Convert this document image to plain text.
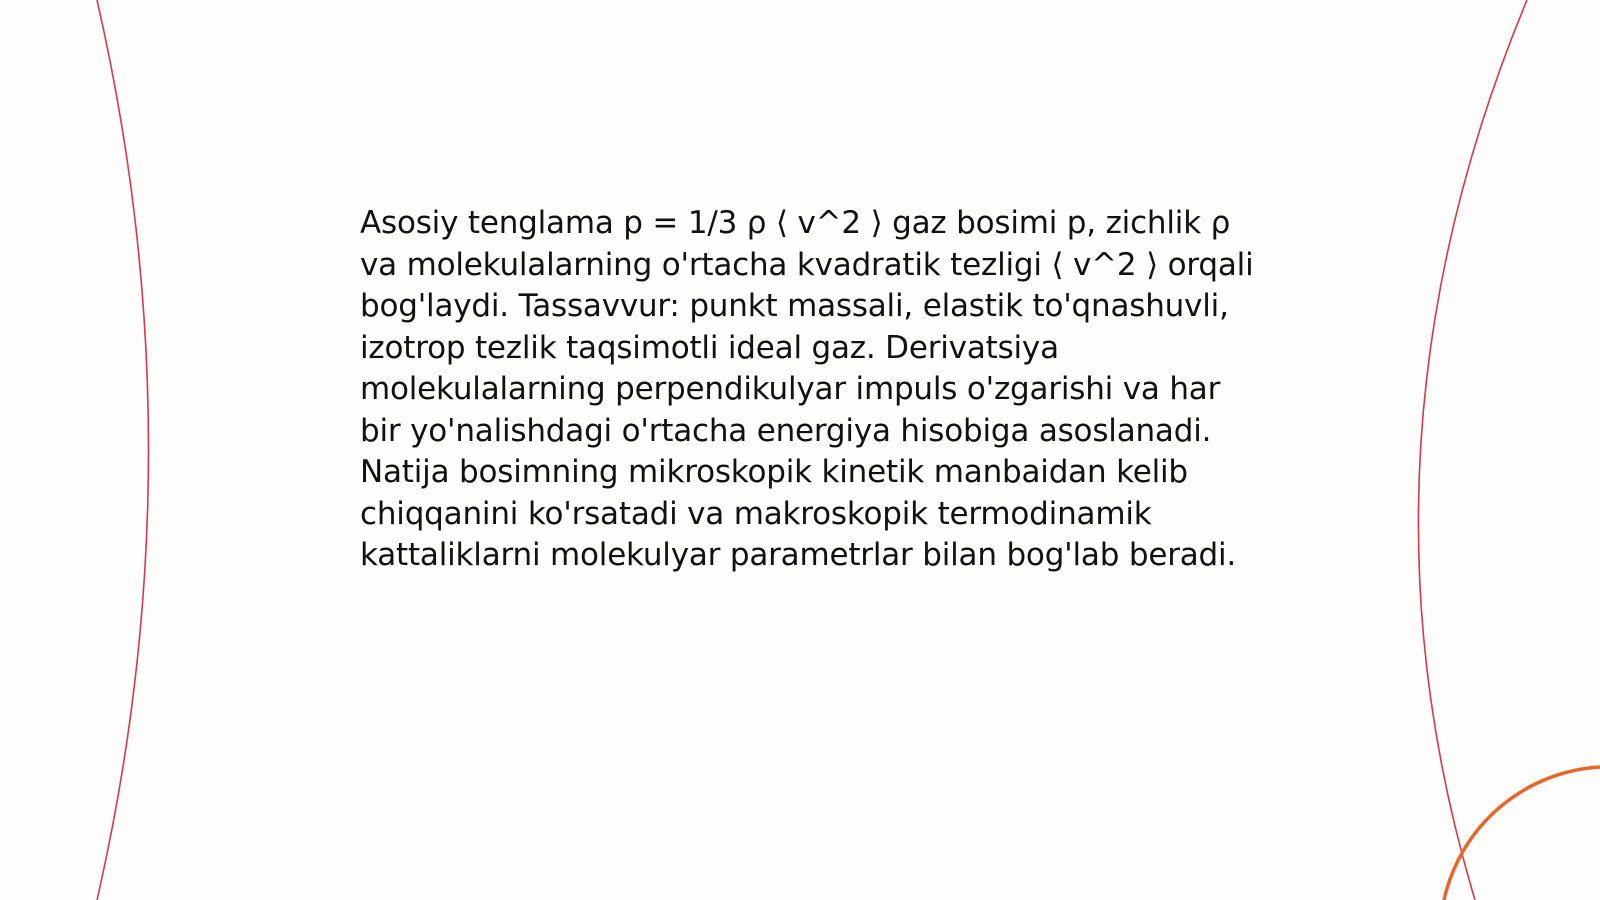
Asosiy tenglama p = 1/3 ρ ⟨ v^2 ⟩ gaz bosimi p, zichlik ρ va molekulalarning o'rtacha kvadratik tezligi ⟨ v^2 ⟩ orqali bog'laydi. Tassavvur: punkt massali, elastik to'qnashuvli, izotrop tezlik taqsimotli ideal gaz. Derivatsiya molekulalarning perpendikulyar impuls o'zgarishi va har bir yo'nalishdagi o'rtacha energiya hisobiga asoslanadi. Natija bosimning mikroskopik kinetik manbaidan kelib chiqqanini ko'rsatadi va makroskopik termodinamik kattaliklarni molekulyar parametrlar bilan bog'lab beradi.
